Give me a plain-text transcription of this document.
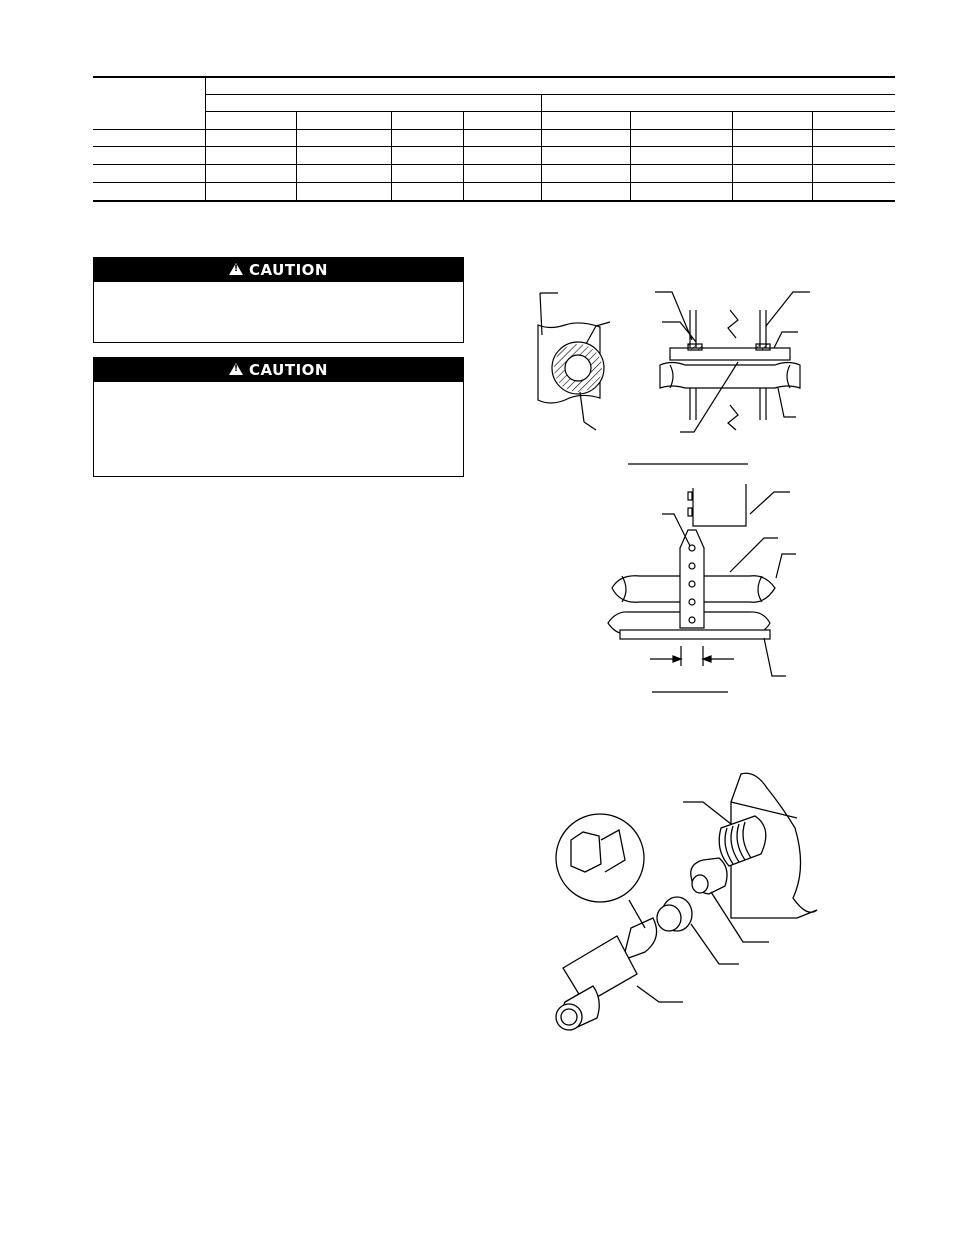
!
CAUTION
!
CAUTION
